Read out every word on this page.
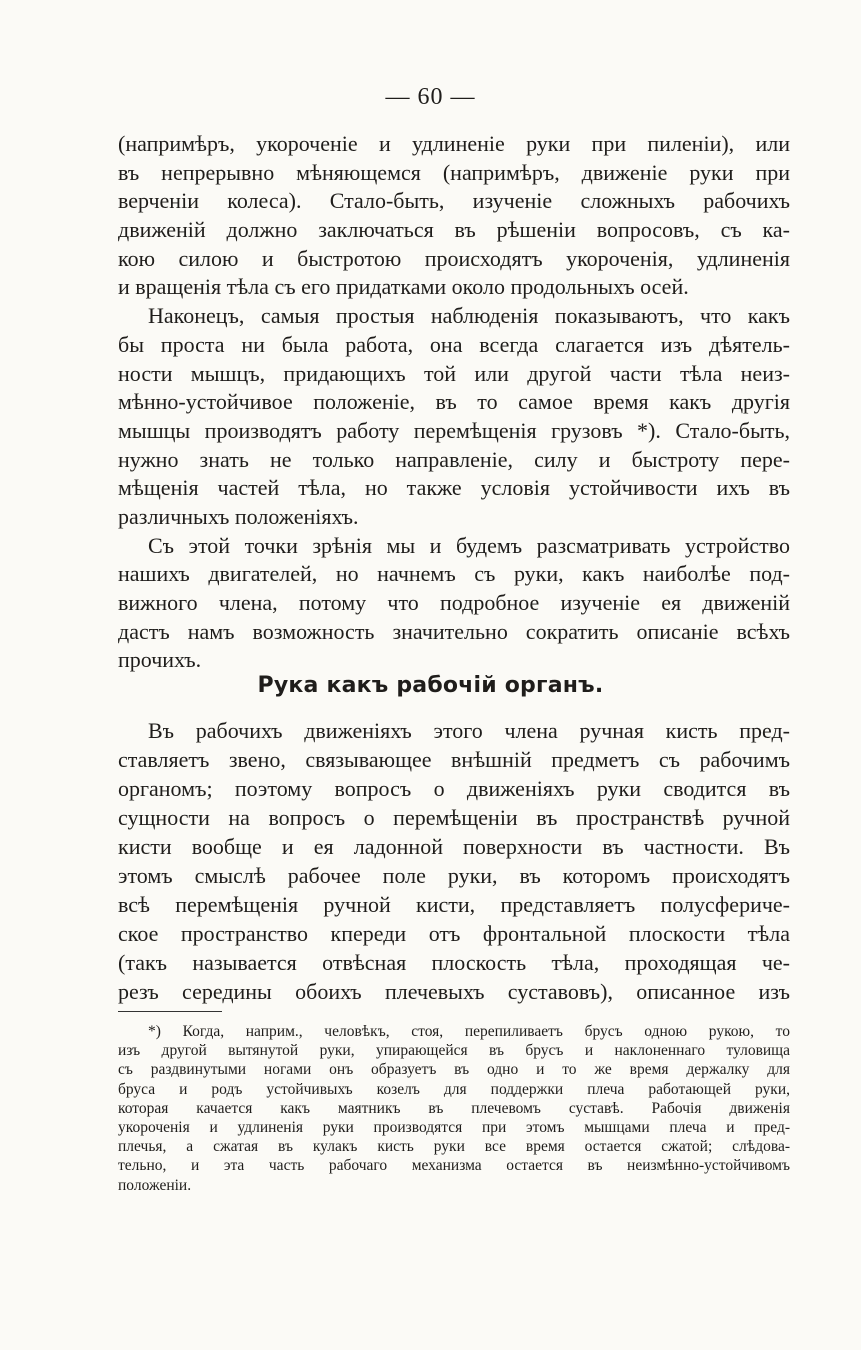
— 60 —
(напримѣръ, укороченіе и удлиненіе руки при пиленіи), или
въ непрерывно мѣняющемся (напримѣръ, движеніе руки при
верченіи колеса). Стало-быть, изученіе сложныхъ рабочихъ
движеній должно заключаться въ рѣшеніи вопросовъ, съ ка-
кою силою и быстротою происходятъ укороченія, удлиненія
и вращенія тѣла съ его придатками около продольныхъ осей.
Наконецъ, самыя простыя наблюденія показываютъ, что какъ
бы проста ни была работа, она всегда слагается изъ дѣятель-
ности мышцъ, придающихъ той или другой части тѣла неиз-
мѣнно-устойчивое положеніе, въ то самое время какъ другія
мышцы производятъ работу перемѣщенія грузовъ *). Стало-быть,
нужно знать не только направленіе, силу и быстроту пере-
мѣщенія частей тѣла, но также условія устойчивости ихъ въ
различныхъ положеніяхъ.
Съ этой точки зрѣнія мы и будемъ разсматривать устройство
нашихъ двигателей, но начнемъ съ руки, какъ наиболѣе под-
вижного члена, потому что подробное изученіе ея движеній
дастъ намъ возможность значительно сократить описаніе всѣхъ
прочихъ.
Рука какъ рабочій органъ.
Въ рабочихъ движеніяхъ этого члена ручная кисть пред-
ставляетъ звено, связывающее внѣшній предметъ съ рабочимъ
органомъ; поэтому вопросъ о движеніяхъ руки сводится въ
сущности на вопросъ о перемѣщеніи въ пространствѣ ручной
кисти вообще и ея ладонной поверхности въ частности. Въ
этомъ смыслѣ рабочее поле руки, въ которомъ происходятъ
всѣ перемѣщенія ручной кисти, представляетъ полусфериче-
ское пространство кпереди отъ фронтальной плоскости тѣла
(такъ называется отвѣсная плоскость тѣла, проходящая че-
резъ середины обоихъ плечевыхъ суставовъ), описанное изъ
*) Когда, наприм., человѣкъ, стоя, перепиливаетъ брусъ одною рукою, то
изъ другой вытянутой руки, упирающейся въ брусъ и наклоненнаго туловища
съ раздвинутыми ногами онъ образуетъ въ одно и то же время держалку для
бруса и родъ устойчивыхъ козелъ для поддержки плеча работающей руки,
которая качается какъ маятникъ въ плечевомъ суставѣ. Рабочія движенія
укороченія и удлиненія руки производятся при этомъ мышцами плеча и пред-
плечья, а сжатая въ кулакъ кисть руки все время остается сжатой; слѣдова-
тельно, и эта часть рабочаго механизма остается въ неизмѣнно-устойчивомъ
положеніи.
